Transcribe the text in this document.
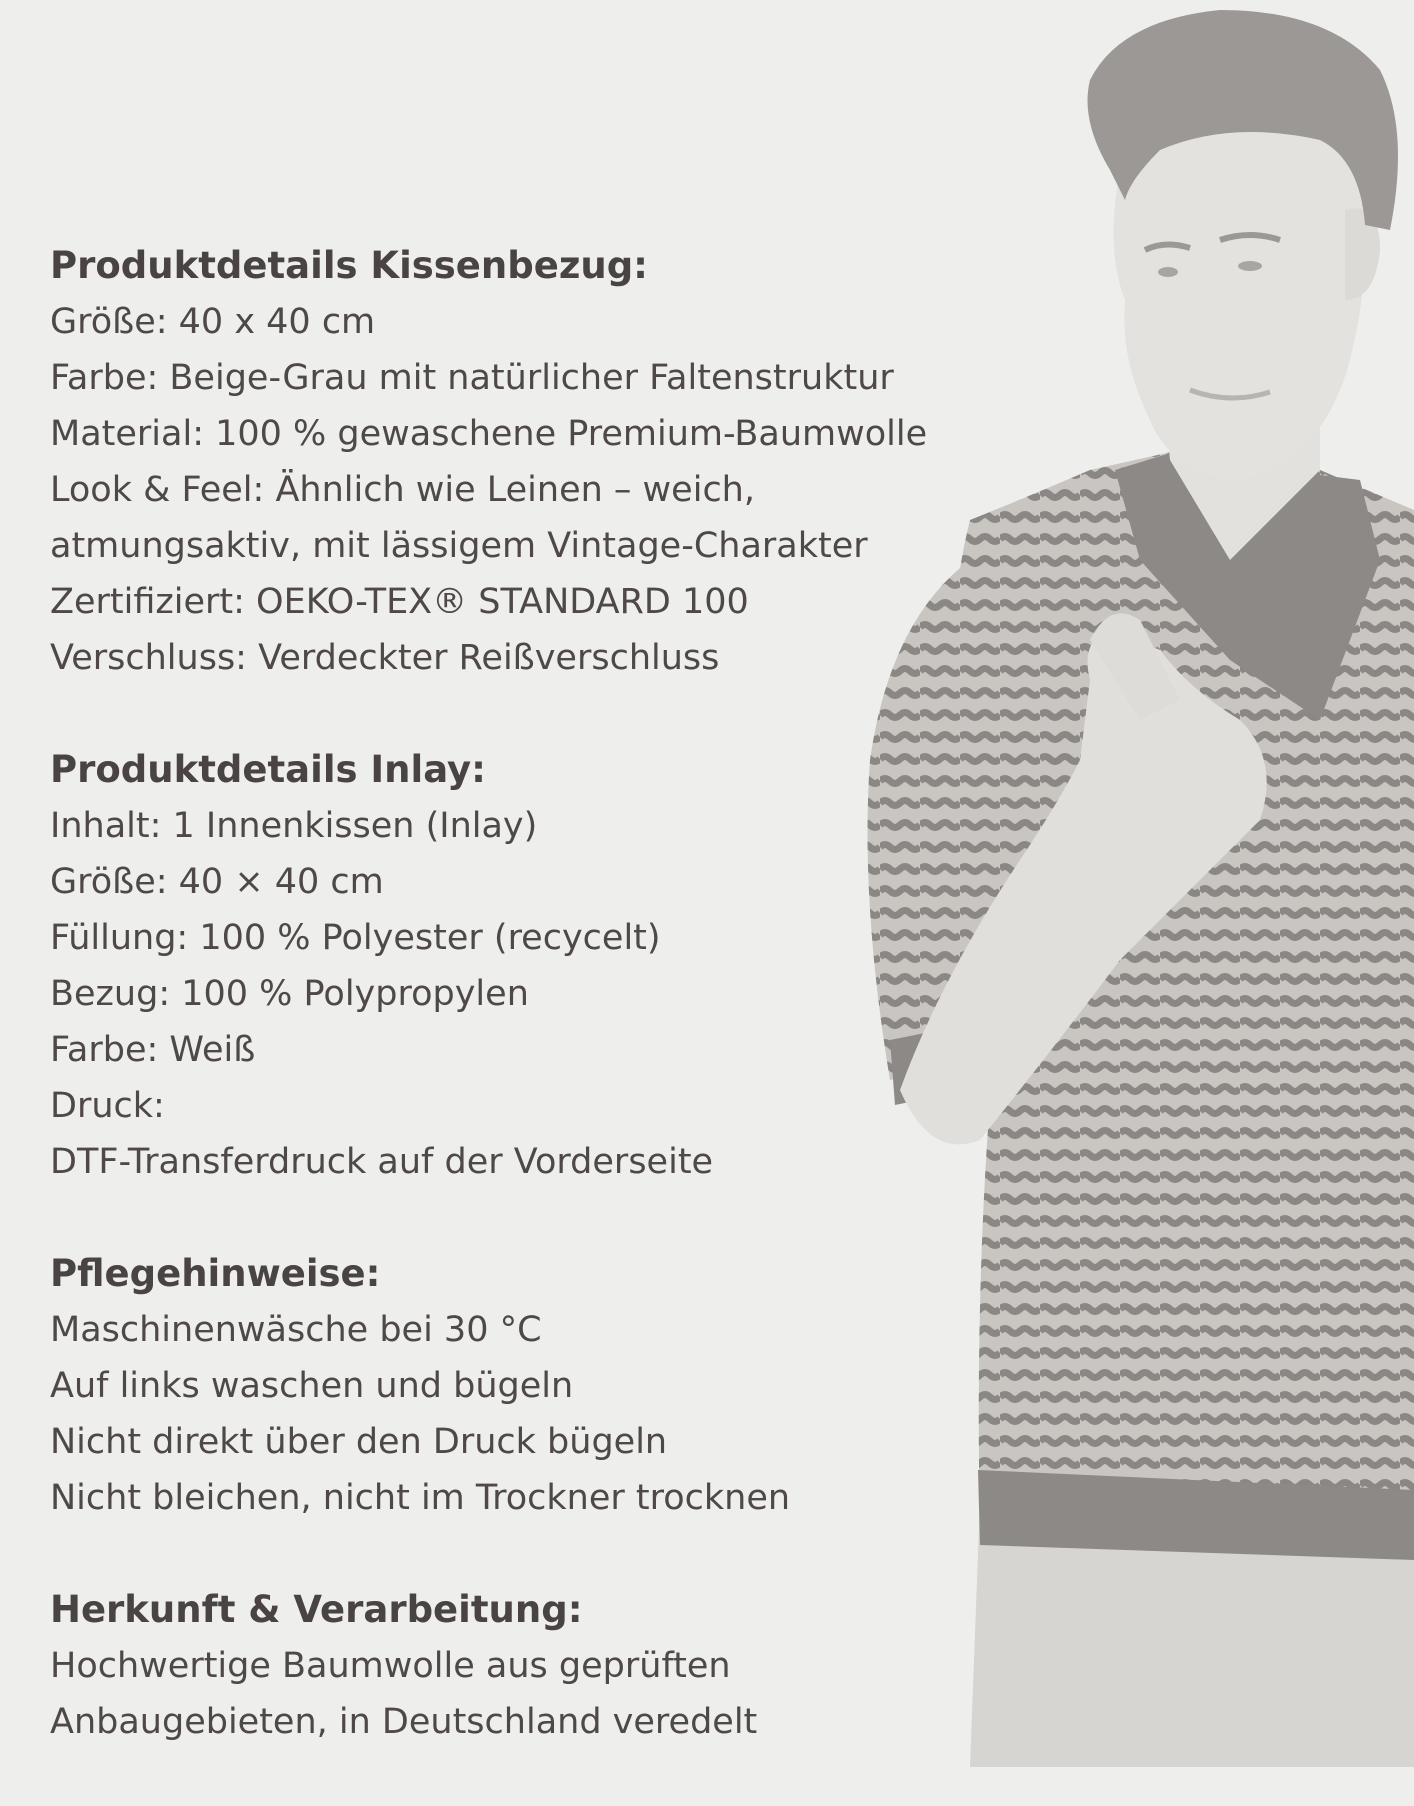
Produktdetails Kissenbezug:
Größe: 40 x 40 cm
Farbe: Beige-Grau mit natürlicher Faltenstruktur
Material: 100 % gewaschene Premium-Baumwolle
Look & Feel: Ähnlich wie Leinen – weich,
atmungsaktiv, mit lässigem Vintage-Charakter
Zertifiziert: OEKO-TEX® STANDARD 100
Verschluss: Verdeckter Reißverschluss
Produktdetails Inlay:
Inhalt: 1 Innenkissen (Inlay)
Größe: 40 × 40 cm
Füllung: 100 % Polyester (recycelt)
Bezug: 100 % Polypropylen
Farbe: Weiß
Druck:
DTF-Transferdruck auf der Vorderseite
Pflegehinweise:
Maschinenwäsche bei 30 °C
Auf links waschen und bügeln
Nicht direkt über den Druck bügeln
Nicht bleichen, nicht im Trockner trocknen
Herkunft & Verarbeitung:
Hochwertige Baumwolle aus geprüften
Anbaugebieten, in Deutschland veredelt
